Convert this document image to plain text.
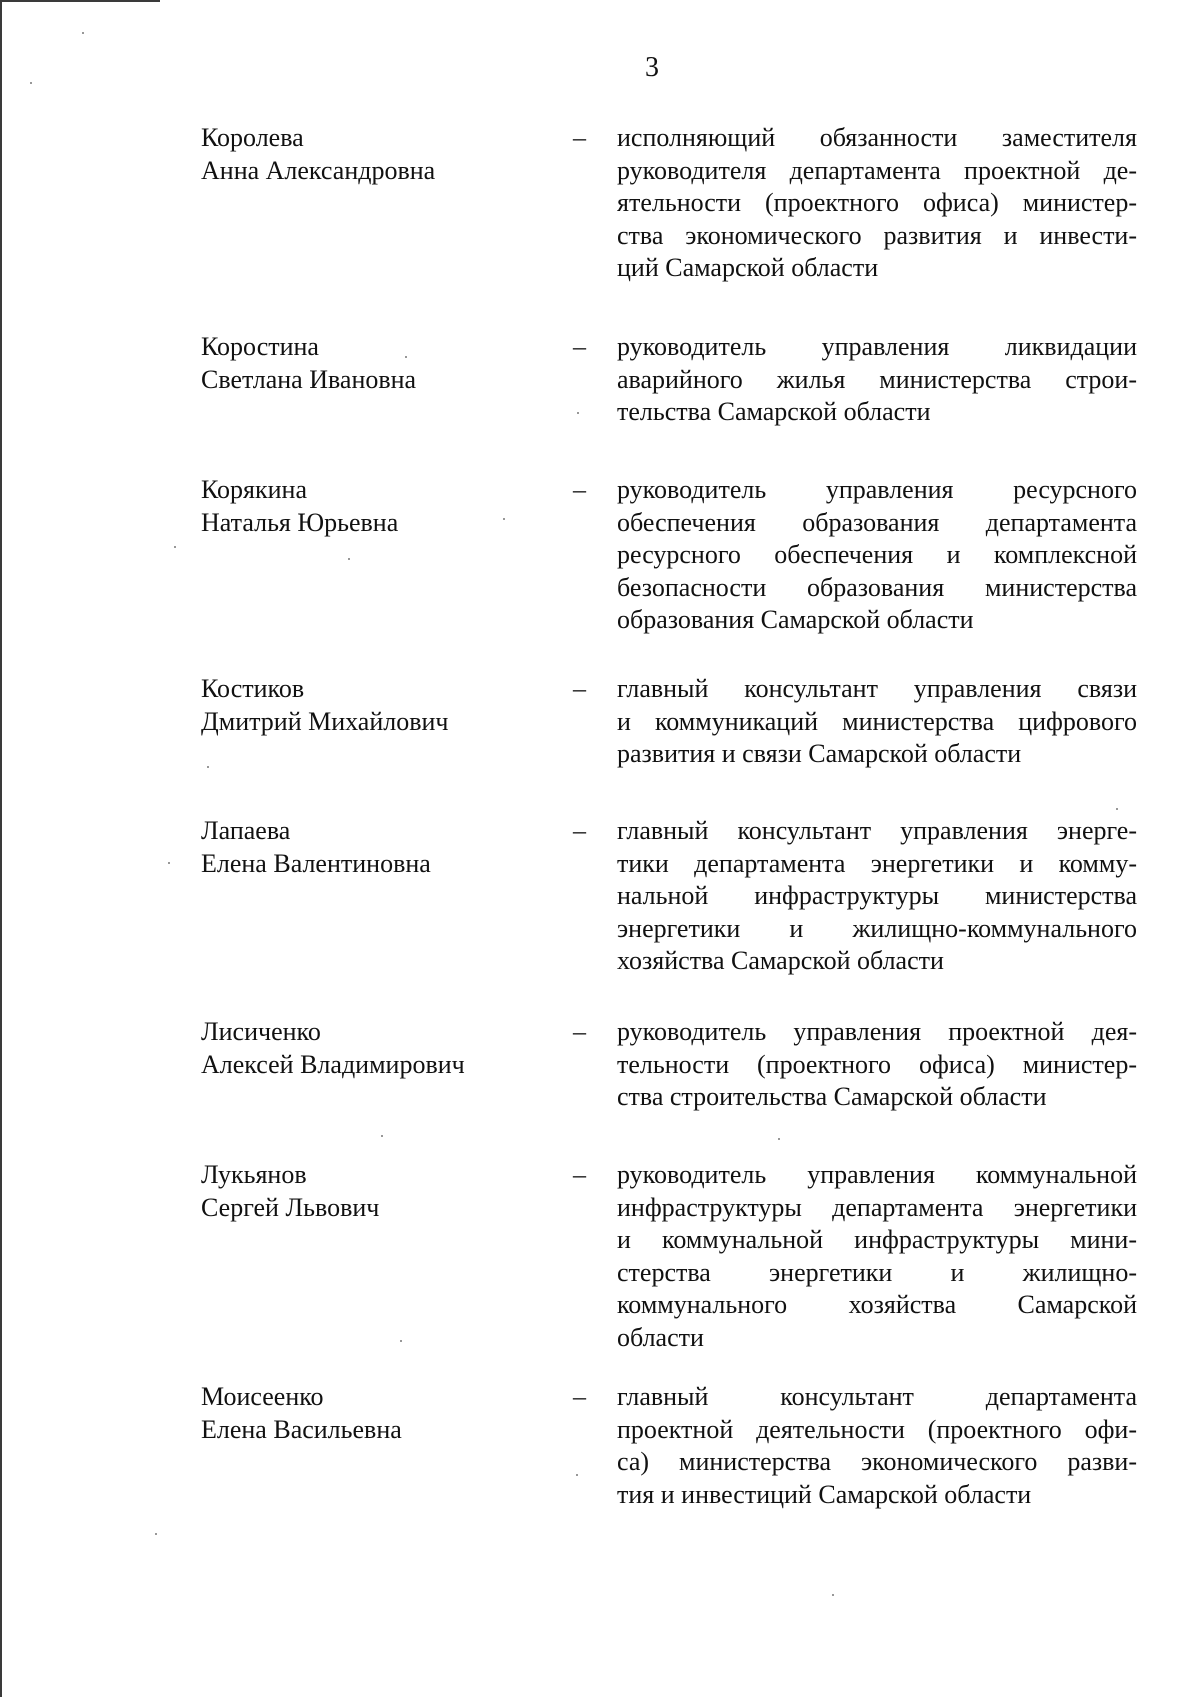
3
Королева
Анна Александровна
– исполняющий обязанности заместителя
руководителя департамента проектной де-
ятельности (проектного офиса) министер-
ства экономического развития и инвести-
ций Самарской области
Коростина
Светлана Ивановна
– руководитель управления ликвидации
аварийного жилья министерства строи-
тельства Самарской области
Корякина
Наталья Юрьевна
– руководитель управления ресурсного
обеспечения образования департамента
ресурсного обеспечения и комплексной
безопасности образования министерства
образования Самарской области
Костиков
Дмитрий Михайлович
– главный консультант управления связи
и коммуникаций министерства цифрового
развития и связи Самарской области
Лапаева
Елена Валентиновна
– главный консультант управления энерге-
тики департамента энергетики и комму-
нальной инфраструктуры министерства
энергетики и жилищно-коммунального
хозяйства Самарской области
Лисиченко
Алексей Владимирович
– руководитель управления проектной дея-
тельности (проектного офиса) министер-
ства строительства Самарской области
Лукьянов
Сергей Львович
– руководитель управления коммунальной
инфраструктуры департамента энергетики
и коммунальной инфраструктуры мини-
стерства энергетики и жилищно-
коммунального хозяйства Самарской
области
Моисеенко
Елена Васильевна
– главный консультант департамента
проектной деятельности (проектного офи-
са) министерства экономического разви-
тия и инвестиций Самарской области
